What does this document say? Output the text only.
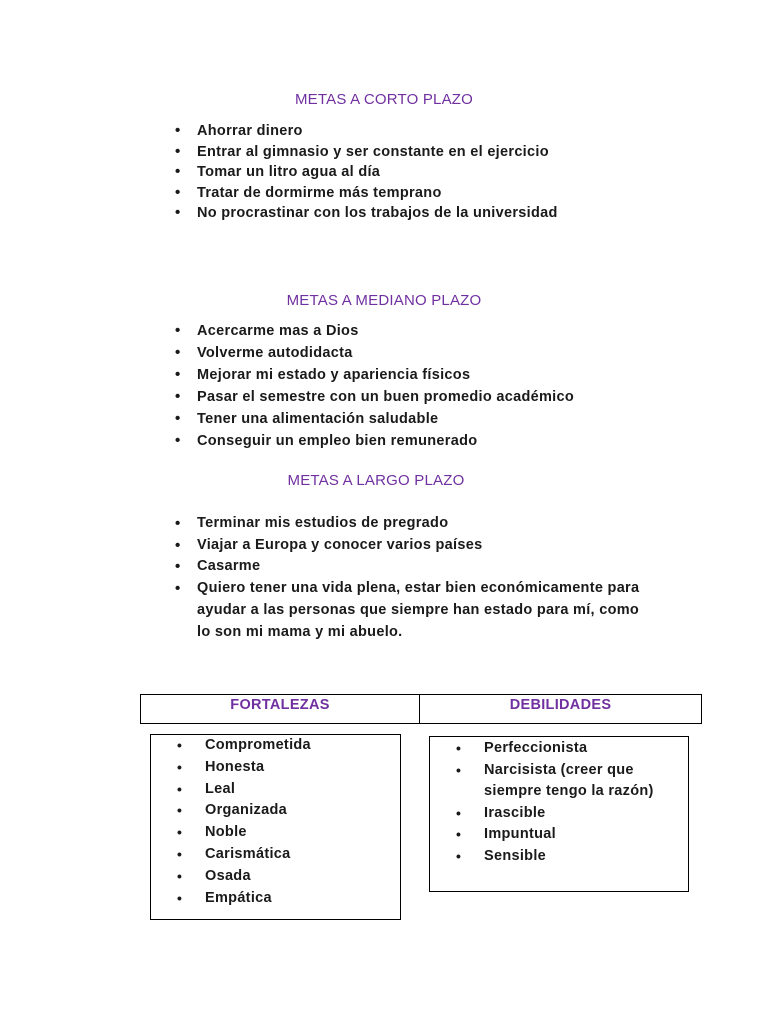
METAS A CORTO PLAZO
• Ahorrar dinero
• Entrar al gimnasio y ser constante en el ejercicio
• Tomar un litro agua al día
• Tratar de dormirme más temprano
• No procrastinar con los trabajos de la universidad
METAS A MEDIANO PLAZO
• Acercarme mas a Dios
• Volverme autodidacta
• Mejorar mi estado y apariencia físicos
• Pasar el semestre con un buen promedio académico
• Tener una alimentación saludable
• Conseguir un empleo bien remunerado
METAS A LARGO PLAZO
• Terminar mis estudios de pregrado
• Viajar a Europa y conocer varios países
• Casarme
• Quiero tener una vida plena, estar bien económicamente para ayudar a las personas que siempre han estado para mí, como lo son mi mama y mi abuelo.
FORTALEZAS	DEBILIDADES
• Comprometida
• Honesta
• Leal
• Organizada
• Noble
• Carismática
• Osada
• Empática
• Perfeccionista
• Narcisista (creer que siempre tengo la razón)
• Irascible
• Impuntual
• Sensible
